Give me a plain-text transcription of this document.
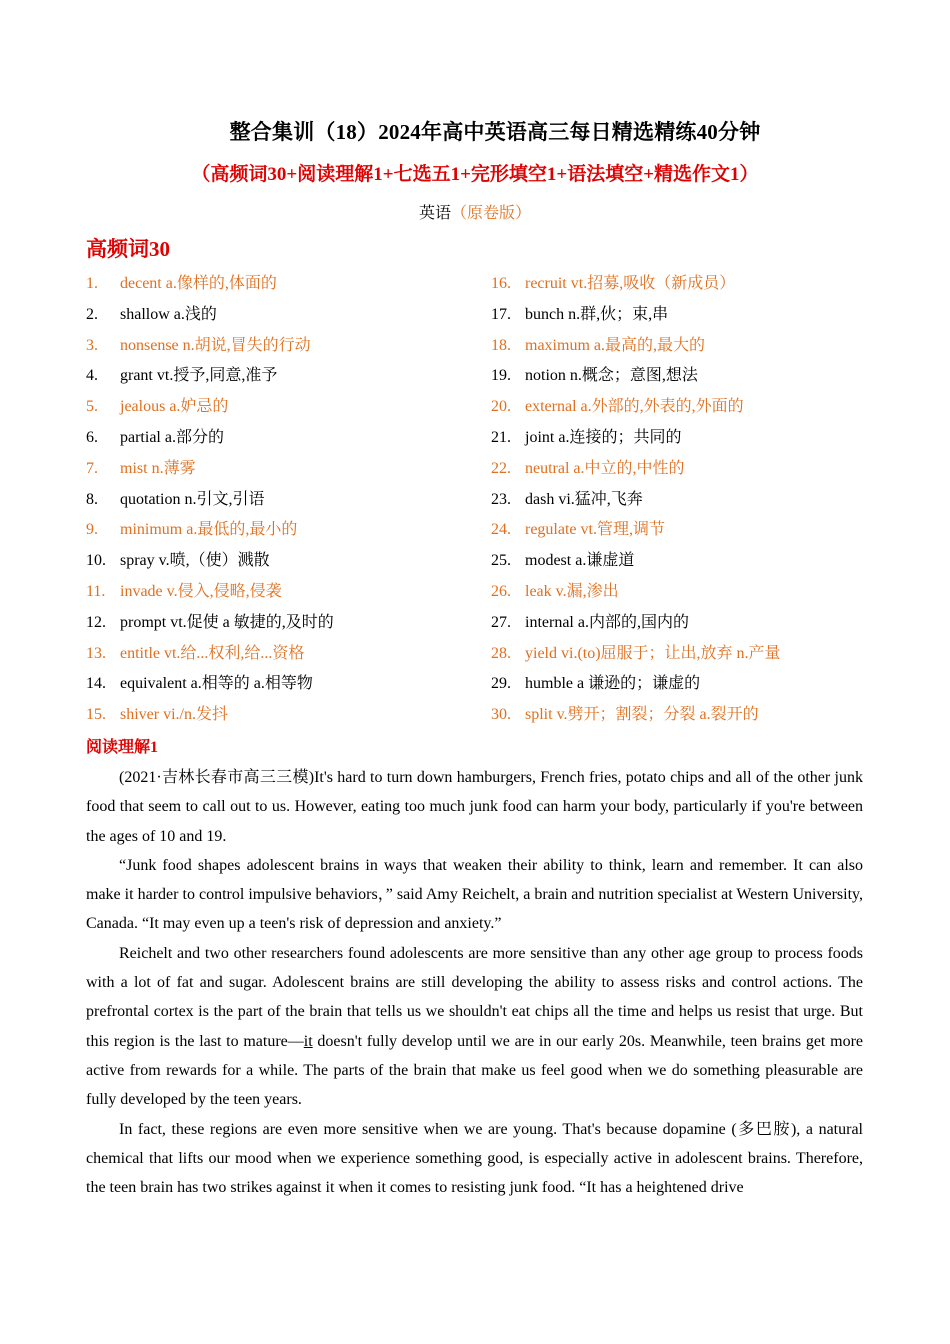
整合集训（18）2024年高中英语高三每日精选精练40分钟
（高频词30+阅读理解1+七选五1+完形填空1+语法填空+精选作文1）
英语（原卷版）
高频词30
1. decent a.像样的,体面的
2. shallow a.浅的
3. nonsense n.胡说,冒失的行动
4. grant vt.授予,同意,准予
5. jealous a.妒忌的
6. partial a.部分的
7. mist n.薄雾
8. quotation n.引文,引语
9. minimum a.最低的,最小的
10. spray v.喷,（使）溅散
11. invade v.侵入,侵略,侵袭
12. prompt vt.促使 a 敏捷的,及时的
13. entitle vt.给...权利,给...资格
14. equivalent a.相等的 a.相等物
15. shiver vi./n.发抖
16. recruit vt.招募,吸收（新成员）
17. bunch n.群,伙；束,串
18. maximum a.最高的,最大的
19. notion n.概念；意图,想法
20. external a.外部的,外表的,外面的
21. joint a.连接的；共同的
22. neutral a.中立的,中性的
23. dash vi.猛冲,飞奔
24. regulate vt.管理,调节
25. modest a.谦虚道
26. leak v.漏,渗出
27. internal a.内部的,国内的
28. yield vi.(to)屈服于；让出,放弃 n.产量
29. humble a 谦逊的；谦虚的
30. split v.劈开；割裂；分裂 a.裂开的
阅读理解1

(2021·吉林长春市高三三模)It's hard to turn down hamburgers, French fries, potato chips and all of the other junk food that seem to call out to us. However, eating too much junk food can harm your body, particularly if you're between the ages of 10 and 19.

“Junk food shapes adolescent brains in ways that weaken their ability to think, learn and remember. It can also make it harder to control impulsive behaviors，” said Amy Reichelt, a brain and nutrition specialist at Western University, Canada. “It may even up a teen's risk of depression and anxiety.”

Reichelt and two other researchers found adolescents are more sensitive than any other age group to process foods with a lot of fat and sugar. Adolescent brains are still developing the ability to assess risks and control actions. The prefrontal cortex is the part of the brain that tells us we shouldn't eat chips all the time and helps us resist that urge. But this region is the last to mature—it doesn't fully develop until we are in our early 20s. Meanwhile, teen brains get more active from rewards for a while. The parts of the brain that make us feel good when we do something pleasurable are fully developed by the teen years.

In fact, these regions are even more sensitive when we are young. That's because dopamine (多巴胺), a natural chemical that lifts our mood when we experience something good, is especially active in adolescent brains. Therefore, the teen brain has two strikes against it when it comes to resisting junk food. “It has a heightened drive
